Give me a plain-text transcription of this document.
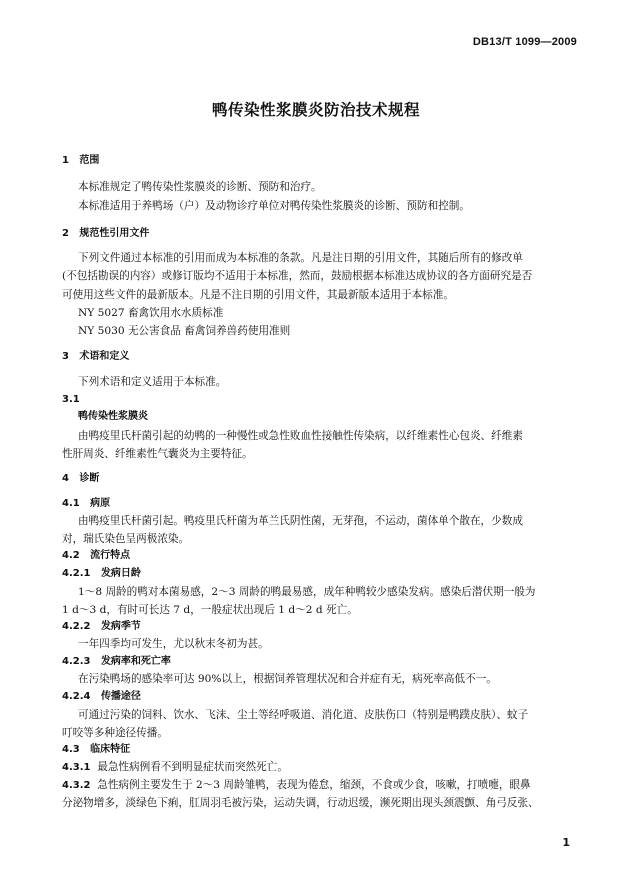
DB13/T 1099—2009
鸭传染性浆膜炎防治技术规程
1 范围
本标准规定了鸭传染性浆膜炎的诊断、预防和治疗。
本标准适用于养鸭场（户）及动物诊疗单位对鸭传染性浆膜炎的诊断、预防和控制。
2 规范性引用文件
下列文件通过本标准的引用而成为本标准的条款。凡是注日期的引用文件，其随后所有的修改单
(不包括勘误的内容）或修订版均不适用于本标准，然而，鼓励根据本标准达成协议的各方面研究是否
可使用这些文件的最新版本。凡是不注日期的引用文件，其最新版本适用于本标准。
NY 5027 畜禽饮用水水质标准
NY 5030 无公害食品 畜禽饲养兽药使用准则
3 术语和定义
下列术语和定义适用于本标准。
3.1
鸭传染性浆膜炎
由鸭疫里氏杆菌引起的幼鸭的一种慢性或急性败血性接触性传染病，以纤维素性心包炎、纤维素
性肝周炎、纤维素性气囊炎为主要特征。
4 诊断
4.1 病原
由鸭疫里氏杆菌引起。鸭疫里氏杆菌为革兰氏阴性菌，无芽孢，不运动，菌体单个散在，少数成
对，瑞氏染色呈两极浓染。
4.2 流行特点
4.2.1 发病日龄
1～8 周龄的鸭对本菌易感，2～3 周龄的鸭最易感，成年种鸭较少感染发病。感染后潜伏期一般为
1 d～3 d，有时可长达 7 d，一般症状出现后 1 d～2 d 死亡。
4.2.2 发病季节
一年四季均可发生，尤以秋末冬初为甚。
4.2.3 发病率和死亡率
在污染鸭场的感染率可达 90%以上，根据饲养管理状况和合并症有无，病死率高低不一。
4.2.4 传播途径
可通过污染的饲料、饮水、飞沫、尘土等经呼吸道、消化道、皮肤伤口（特别是鸭蹼皮肤）、蚊子
叮咬等多种途径传播。
4.3 临床特征
4.3.1 最急性病例看不到明显症状而突然死亡。
4.3.2 急性病例主要发生于 2～3 周龄雏鸭，表现为倦怠，缩颈，不食或少食，咳嗽，打喷嚏，眼鼻
分泌物增多，淡绿色下痢，肛周羽毛被污染，运动失调，行动迟缓，濒死期出现头颈震颤、角弓反张、
1
